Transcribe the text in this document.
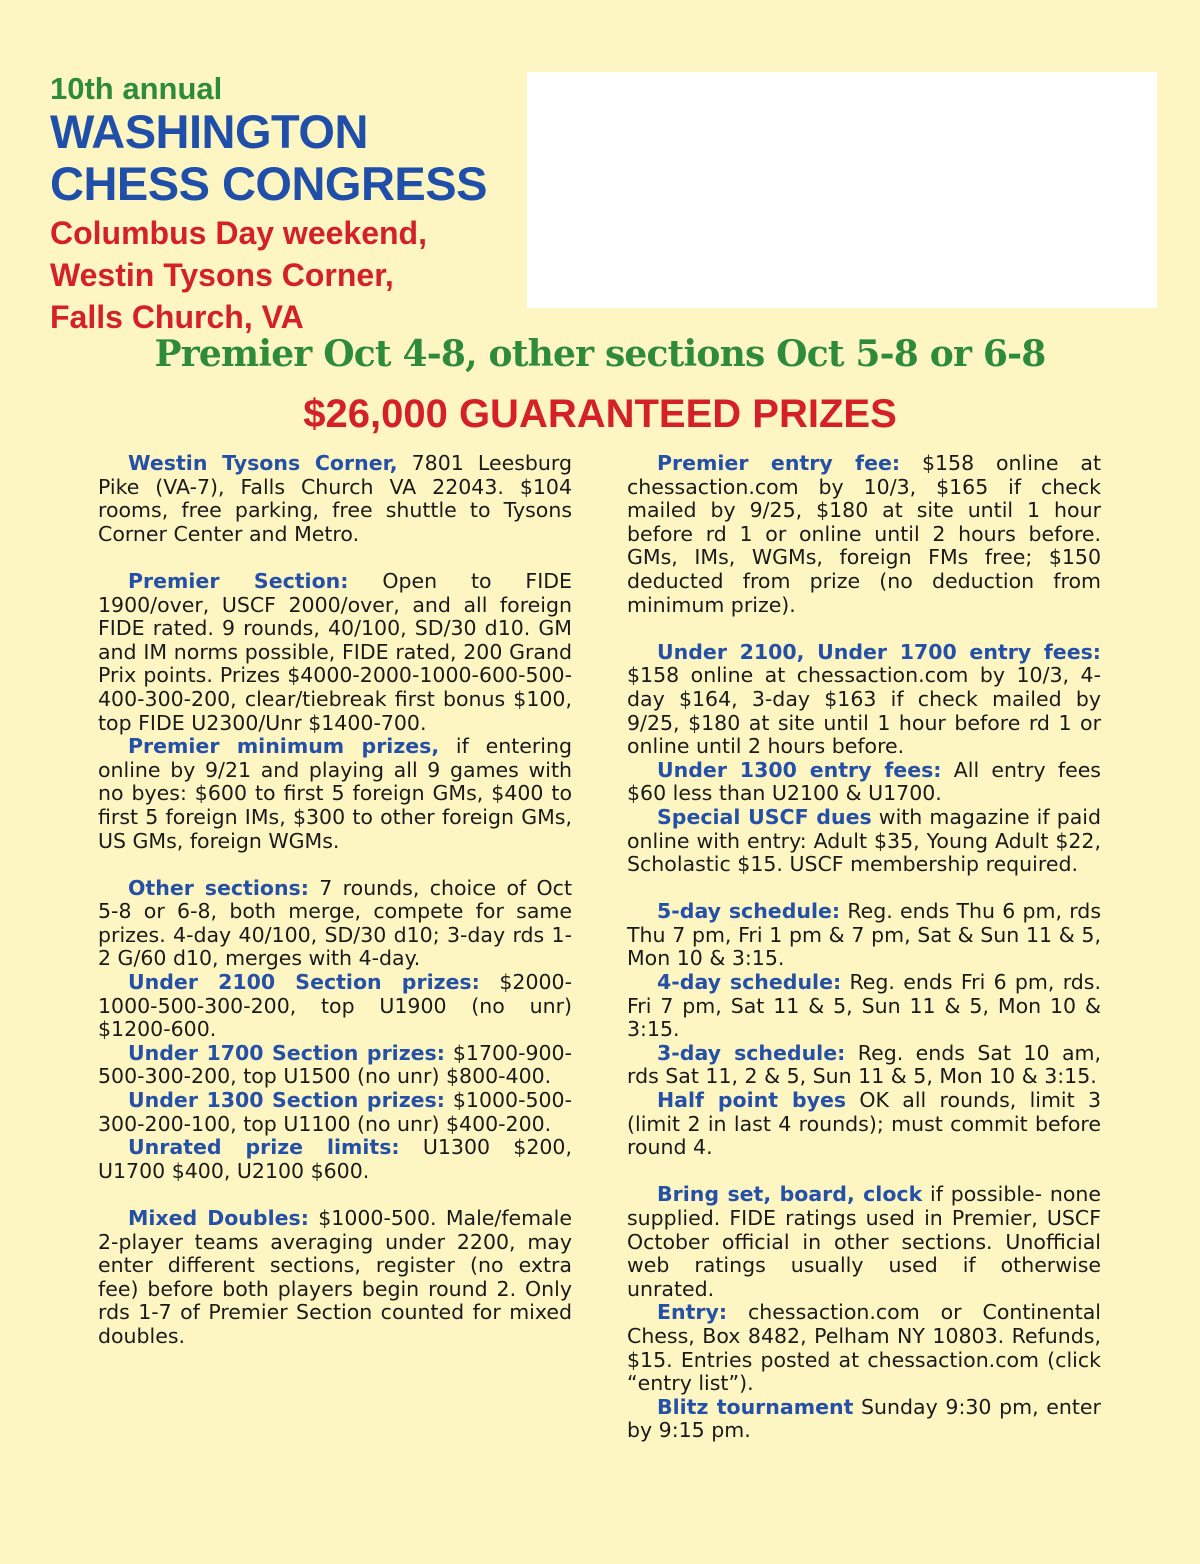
10th annual
WASHINGTON
CHESS CONGRESS
Columbus Day weekend,
Westin Tysons Corner,
Falls Church, VA
Premier Oct 4-8, other sections Oct 5-8 or 6-8
$26,000 GUARANTEED PRIZES

Westin Tysons Corner, 7801 Leesburg Pike (VA-7), Falls Church VA 22043. $104 rooms, free parking, free shuttle to Tysons Corner Center and Metro.

Premier Section: Open to FIDE 1900/over, USCF 2000/over, and all foreign FIDE rated. 9 rounds, 40/100, SD/30 d10. GM and IM norms possible, FIDE rated, 200 Grand Prix points. Prizes $4000-2000-1000-600-500-400-300-200, clear/tiebreak first bonus $100, top FIDE U2300/Unr $1400-700.

Premier minimum prizes, if entering online by 9/21 and playing all 9 games with no byes: $600 to first 5 foreign GMs, $400 to first 5 foreign IMs, $300 to other foreign GMs, US GMs, foreign WGMs.

Other sections: 7 rounds, choice of Oct 5-8 or 6-8, both merge, compete for same prizes. 4-day 40/100, SD/30 d10; 3-day rds 1-2 G/60 d10, merges with 4-day.

Under 2100 Section prizes: $2000-1000-500-300-200, top U1900 (no unr) $1200-600.

Under 1700 Section prizes: $1700-900-500-300-200, top U1500 (no unr) $800-400.

Under 1300 Section prizes: $1000-500-300-200-100, top U1100 (no unr) $400-200.

Unrated prize limits: U1300 $200, U1700 $400, U2100 $600.

Mixed Doubles: $1000-500. Male/female 2-player teams averaging under 2200, may enter different sections, register (no extra fee) before both players begin round 2. Only rds 1-7 of Premier Section counted for mixed doubles.

Premier entry fee: $158 online at chessaction.com by 10/3, $165 if check mailed by 9/25, $180 at site until 1 hour before rd 1 or online until 2 hours before. GMs, IMs, WGMs, foreign FMs free; $150 deducted from prize (no deduction from minimum prize).

Under 2100, Under 1700 entry fees: $158 online at chessaction.com by 10/3, 4-day $164, 3-day $163 if check mailed by 9/25, $180 at site until 1 hour before rd 1 or online until 2 hours before.

Under 1300 entry fees: All entry fees $60 less than U2100 & U1700.

Special USCF dues with magazine if paid online with entry: Adult $35, Young Adult $22, Scholastic $15. USCF membership required.

5-day schedule: Reg. ends Thu 6 pm, rds Thu 7 pm, Fri 1 pm & 7 pm, Sat & Sun 11 & 5, Mon 10 & 3:15.

4-day schedule: Reg. ends Fri 6 pm, rds. Fri 7 pm, Sat 11 & 5, Sun 11 & 5, Mon 10 & 3:15.

3-day schedule: Reg. ends Sat 10 am, rds Sat 11, 2 & 5, Sun 11 & 5, Mon 10 & 3:15.

Half point byes OK all rounds, limit 3 (limit 2 in last 4 rounds); must commit before round 4.

Bring set, board, clock if possible- none supplied. FIDE ratings used in Premier, USCF October official in other sections. Unofficial web ratings usually used if otherwise unrated.

Entry: chessaction.com or Continental Chess, Box 8482, Pelham NY 10803. Refunds, $15. Entries posted at chessaction.com (click “entry list”).

Blitz tournament Sunday 9:30 pm, enter by 9:15 pm.
